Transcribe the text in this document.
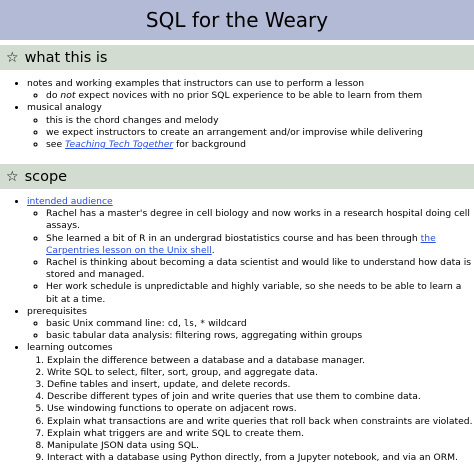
SQL for the Weary
☆ what this is
• notes and working examples that instructors can use to perform a lesson
◦ do not expect novices with no prior SQL experience to be able to learn from them
• musical analogy
◦ this is the chord changes and melody
◦ we expect instructors to create an arrangement and/or improvise while delivering
◦ see Teaching Tech Together for background
☆ scope
• intended audience
◦ Rachel has a master's degree in cell biology and now works in a research hospital doing cell assays.
◦ She learned a bit of R in an undergrad biostatistics course and has been through the Carpentries lesson on the Unix shell.
◦ Rachel is thinking about becoming a data scientist and would like to understand how data is stored and managed.
◦ Her work schedule is unpredictable and highly variable, so she needs to be able to learn a bit at a time.
• prerequisites
◦ basic Unix command line: cd, ls, * wildcard
◦ basic tabular data analysis: filtering rows, aggregating within groups
• learning outcomes
1. Explain the difference between a database and a database manager.
2. Write SQL to select, filter, sort, group, and aggregate data.
3. Define tables and insert, update, and delete records.
4. Describe different types of join and write queries that use them to combine data.
5. Use windowing functions to operate on adjacent rows.
6. Explain what transactions are and write queries that roll back when constraints are violated.
7. Explain what triggers are and write SQL to create them.
8. Manipulate JSON data using SQL.
9. Interact with a database using Python directly, from a Jupyter notebook, and via an ORM.
